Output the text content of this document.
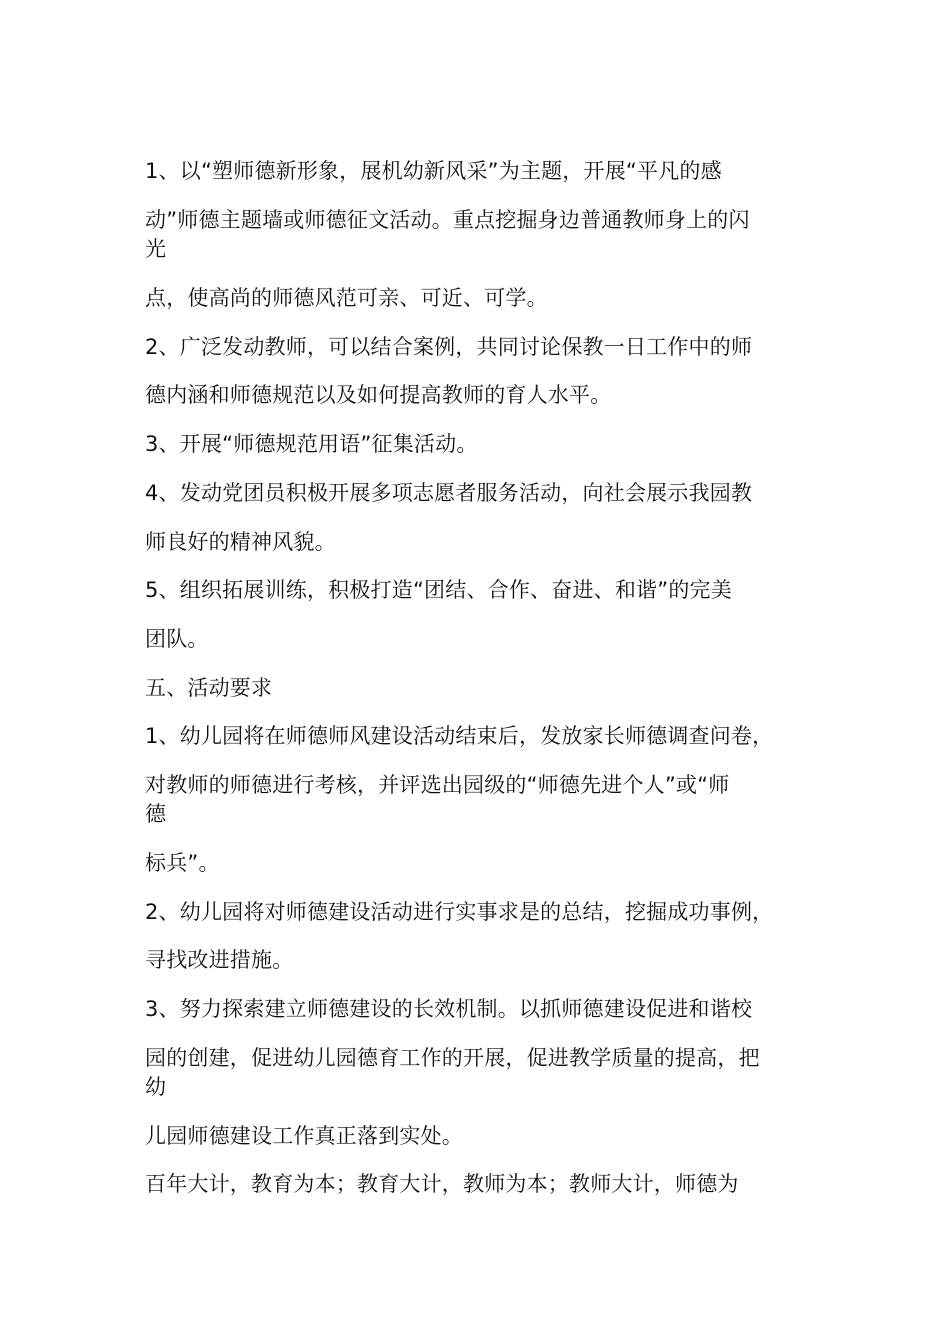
1、以“塑师德新形象，展机幼新风采”为主题，开展“平凡的感
动”师德主题墙或师德征文活动。重点挖掘身边普通教师身上的闪
光
点，使高尚的师德风范可亲、可近、可学。
2、广泛发动教师，可以结合案例，共同讨论保教一日工作中的师
德内涵和师德规范以及如何提高教师的育人水平。
3、开展“师德规范用语”征集活动。
4、发动党团员积极开展多项志愿者服务活动，向社会展示我园教
师良好的精神风貌。
5、组织拓展训练，积极打造“团结、合作、奋进、和谐”的完美
团队。
五、活动要求
1、幼儿园将在师德师风建设活动结束后，发放家长师德调查问卷，
对教师的师德进行考核，并评选出园级的“师德先进个人”或“师
德
标兵”。
2、幼儿园将对师德建设活动进行实事求是的总结，挖掘成功事例，
寻找改进措施。
3、努力探索建立师德建设的长效机制。以抓师德建设促进和谐校
园的创建，促进幼儿园德育工作的开展，促进教学质量的提高，把
幼
儿园师德建设工作真正落到实处。
百年大计，教育为本；教育大计，教师为本；教师大计，师德为
